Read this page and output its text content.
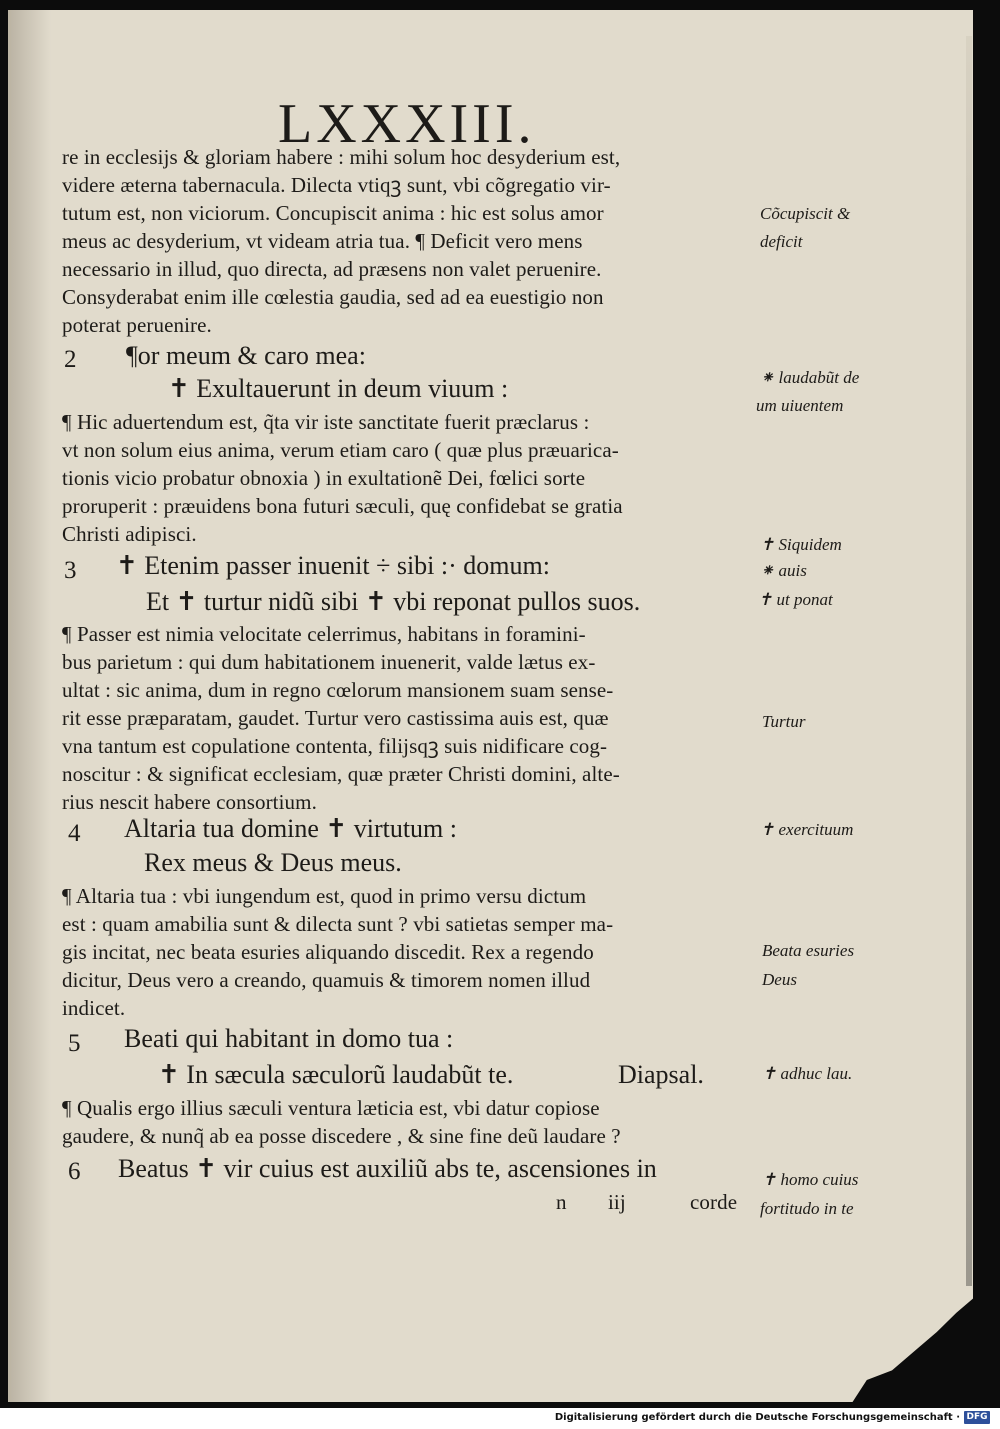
LXXXIII.
re in ecclesijs & gloriam habere : mihi solum hoc desyderium est,
videre æterna tabernacula. Dilecta vtiqꝫ sunt, vbi cõgregatio vir-
tutum est, non viciorum. Concupiscit anima : hic est solus amor
meus ac desyderium, vt videam atria tua. ¶ Deficit vero mens
necessario in illud, quo directa, ad præsens non valet peruenire.
Consyderabat enim ille cœlestia gaudia, sed ad ea euestigio non
poterat peruenire.
2 ¶or meum & caro mea:
✝ Exultauerunt in deum viuum :
¶ Hic aduertendum est, q̃ta vir iste sanctitate fuerit præclarus :
vt non solum eius anima, verum etiam caro ( quæ plus præuarica-
tionis vicio probatur obnoxia ) in exultationẽ Dei, fœlici sorte
proruperit : præuidens bona futuri sæculi, quę confidebat se gratia
Christi adipisci.
3 ✝ Etenim passer inuenit ÷ sibi :· domum:
Et ✝ turtur nidũ sibi ✝ vbi reponat pullos suos.
¶ Passer est nimia velocitate celerrimus, habitans in foramini-
bus parietum : qui dum habitationem inuenerit, valde lætus ex-
ultat : sic anima, dum in regno cœlorum mansionem suam sense-
rit esse præparatam, gaudet. Turtur vero castissima auis est, quæ
vna tantum est copulatione contenta, filijsqꝫ suis nidificare cog-
noscitur : & significat ecclesiam, quæ præter Christi domini, alte-
rius nescit habere consortium.
4 Altaria tua domine ✝ virtutum :
Rex meus & Deus meus.
¶ Altaria tua : vbi iungendum est, quod in primo versu dictum
est : quam amabilia sunt & dilecta sunt ? vbi satietas semper ma-
gis incitat, nec beata esuries aliquando discedit. Rex a regendo
dicitur, Deus vero a creando, quamuis & timorem nomen illud
indicet.
5 Beati qui habitant in domo tua :
✝ In sæcula sæculorũ laudabũt te.	Diapsal.
¶ Qualis ergo illius sæculi ventura læticia est, vbi datur copiose
gaudere, & nunq̃ ab ea posse discedere , & sine fine deũ laudare ?
6 Beatus ✝ vir cuius est auxiliũ abs te, ascensiones in
n iij	corde
Cõcupiscit &
deficit
⁕ laudabũt de
um uiuentem
✝ Siquidem
⁕ auis
✝ ut ponat
Turtur
✝ exercituum
Beata esuries
Deus
✝ adhuc lau.
✝ homo cuius
fortitudo in te
Digitalisierung gefördert durch die Deutsche Forschungsgemeinschaft · DFG
